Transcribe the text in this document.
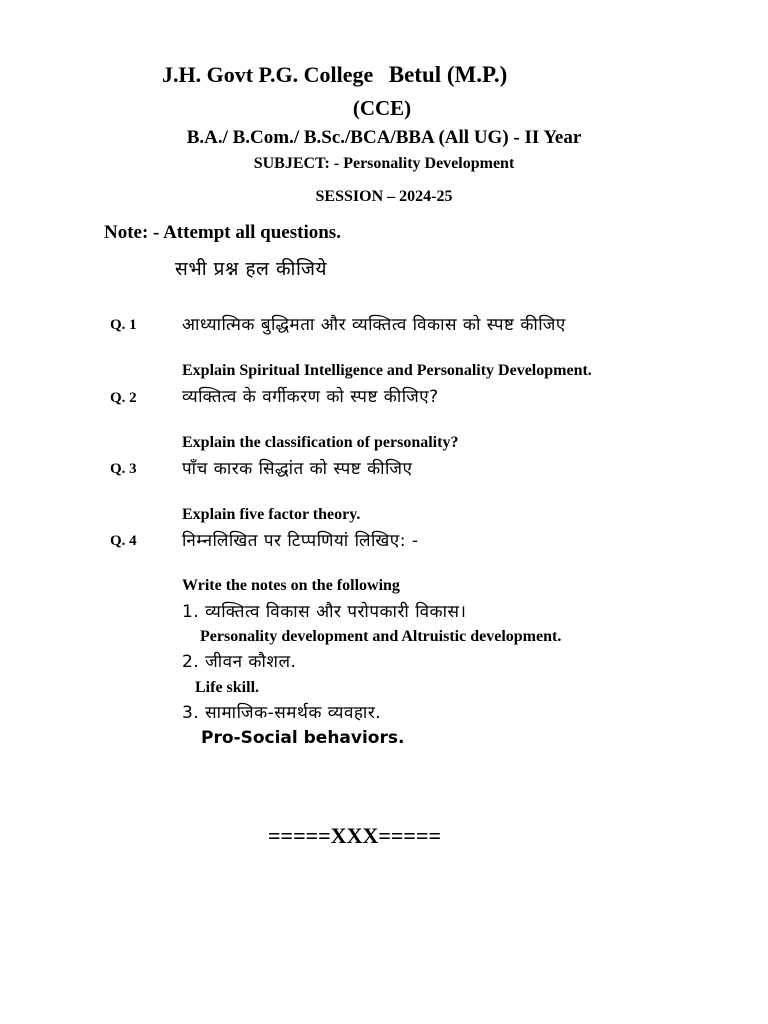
J.H. Govt P.G. College Betul (M.P.)
(CCE)
B.A./ B.Com./ B.Sc./BCA/BBA (All UG) - II Year
SUBJECT: - Personality Development
SESSION – 2024-25
Note: - Attempt all questions.
सभी प्रश्न हल कीजिये
Q. 1	आध्यात्मिक बुद्धिमता और व्यक्तित्व विकास को स्पष्ट कीजिए
Explain Spiritual Intelligence and Personality Development.
Q. 2	व्यक्तित्व के वर्गीकरण को स्पष्ट कीजिए?
Explain the classification of personality?
Q. 3	पाँच कारक सिद्धांत को स्पष्ट कीजिए
Explain five factor theory.
Q. 4	निम्नलिखित पर टिप्पणियां लिखिए: -
Write the notes on the following
1. व्यक्तित्व विकास और परोपकारी विकास।
Personality development and Altruistic development.
2. जीवन कौशल.
Life skill.
3. सामाजिक-समर्थक व्यवहार.
Pro-Social behaviors.
=====XXX=====
